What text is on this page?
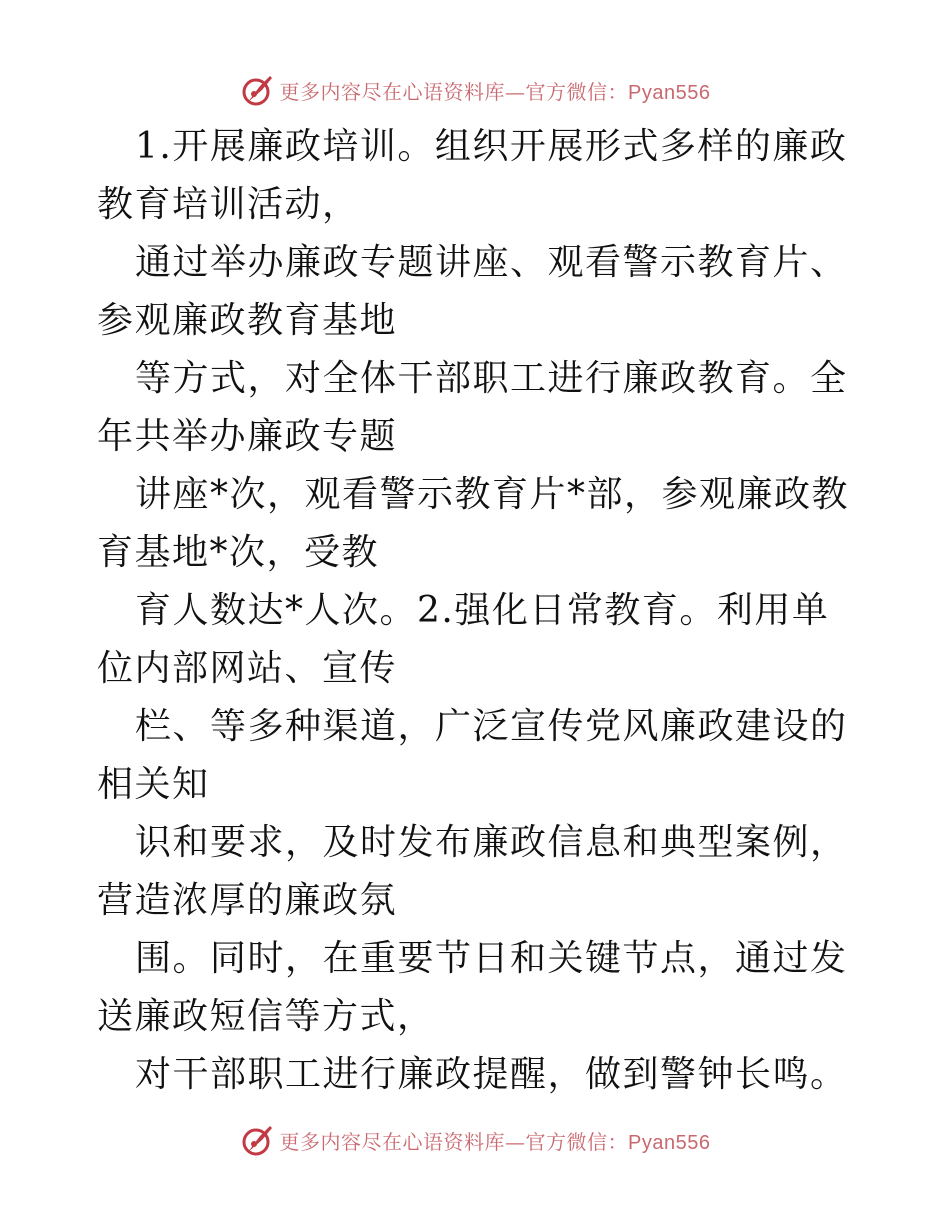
更多内容尽在心语资料库—官方微信：Pyan556

1.开展廉政培训。组织开展形式多样的廉政教育培训活动，

通过举办廉政专题讲座、观看警示教育片、参观廉政教育基地

等方式，对全体干部职工进行廉政教育。全年共举办廉政专题

讲座*次，观看警示教育片*部，参观廉政教育基地*次，受教

育人数达*人次。2.强化日常教育。利用单位内部网站、宣传

栏、等多种渠道，广泛宣传党风廉政建设的相关知

识和要求，及时发布廉政信息和典型案例，营造浓厚的廉政氛

围。同时，在重要节日和关键节点，通过发送廉政短信等方式，

对干部职工进行廉政提醒，做到警钟长鸣。

更多内容尽在心语资料库—官方微信：Pyan556
